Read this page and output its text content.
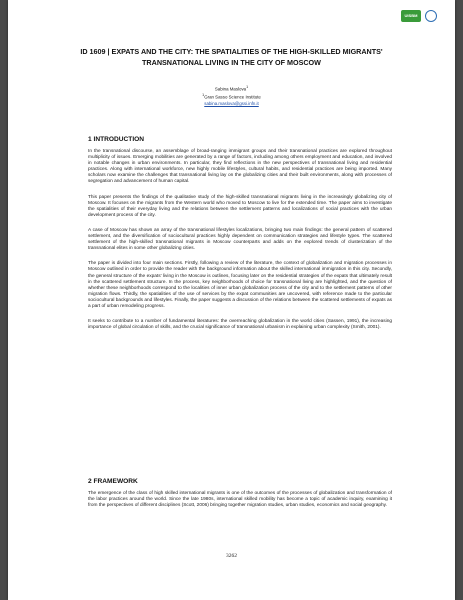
UISBM
ID 1609 | EXPATS AND THE CITY: THE SPATIALITIES OF THE HIGH-SKILLED MIGRANTS' TRANSNATIONAL LIVING IN THE CITY OF MOSCOW
Sabina Maslova$^1$
$^1$Gran Sasso Science Institute
sabina.maslova@gssi.infn.it
1 INTRODUCTION

In the transnational discourse, an assemblage of broad-ranging immigrant groups and their transnational practices are explored throughout multiplicity of issues. Emerging mobilities are generated by a range of factors, including among others employment and education, and involved in notable changes in urban environments. In particular, they find reflections in the new perspectives of transnational living and residential practices. Along with international workforce, new highly mobile lifestyles, cultural habits, and residential practices are being imported. Many scholars now examine the challenges that transnational living lay on the globalizing cities and their built environments, along with processes of segregation and advancement of human capital.

This paper presents the findings of the qualitative study of the high-skilled transnational migrants living in the increasingly globalizing city of Moscow. It focuses on the migrants from the Western world who moved to Moscow to live for the extended time. The paper aims to investigate the spatialities of their everyday living and the relations between the settlement patterns and localizations of social practices with the urban development process of the city.

A case of Moscow has shown an array of the transnational lifestyles localizations, bringing two main findings: the general pattern of scattered settlement, and the diversification of sociocultural practices highly dependent on communication strategies and lifestyle types. The scattered settlement of the high-skilled transnational migrants in Moscow counterparts and adds on the explored trends of clusterization of the transnational elites in some other globalizing cities.

The paper is divided into four main sections. Firstly, following a review of the literature, the context of globalization and migration processes in Moscow outlined in order to provide the reader with the background information about the skilled international immigration in this city. Secondly, the general structure of the expats' living in the Moscow is outlines, focusing later on the residential strategies of the expats that ultimately result in the scattered settlement structure. In the process, key neighborhoods of choice for transnational living are highlighted, and the question of whether these neighborhoods correspond to the localities of inner urban globalization process of the city and to the settlement patterns of other migration flows. Thirdly, the spatialities of the use of services by the expat communities are uncovered, with reference made to the particular sociocultural backgrounds and lifestyles. Finally, the paper suggests a discussion of the relations between the scattered settlements of expats as a part of urban remodeling progress.

It seeks to contribute to a number of fundamental literatures: the overreaching globalization in the world cities (Sassen, 1991), the increasing importance of global circulation of skills, and the crucial significance of transnational urbanism in explaining urban complexity (Smith, 2001).

2 FRAMEWORK

The emergence of the class of high skilled international migrants is one of the outcomes of the processes of globalization and transformation of the labor practices around the world. Since the late 1980s, international skilled mobility has become a topic of academic inquiry, examining it from the perspectives of different disciplines (Scott, 2006) bringing together migration studies, urban studies, economics and social geography.

3262
